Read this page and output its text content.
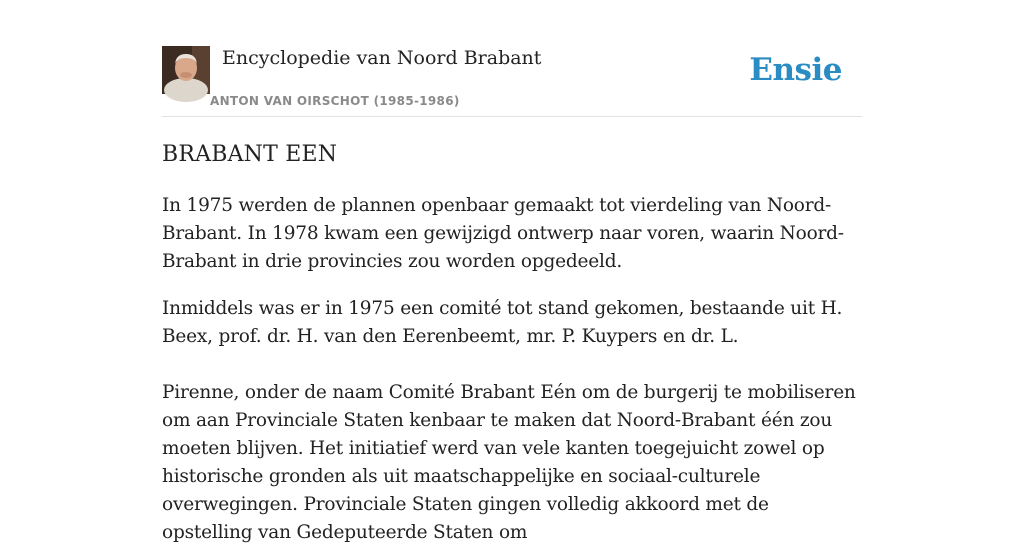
Encyclopedie van Noord Brabant
ANTON VAN OIRSCHOT (1985-1986)
Ensie
BRABANT EEN

In 1975 werden de plannen openbaar gemaakt tot vierdeling van Noord-Brabant. In 1978 kwam een gewijzigd ontwerp naar voren, waarin Noord-Brabant in drie provincies zou worden opgedeeld.

Inmiddels was er in 1975 een comité tot stand gekomen, bestaande uit H. Beex, prof. dr. H. van den Eerenbeemt, mr. P. Kuypers en dr. L.

Pirenne, onder de naam Comité Brabant Eén om de burgerij te mobiliseren om aan Provinciale Staten kenbaar te maken dat Noord-Brabant één zou moeten blijven. Het initiatief werd van vele kanten toegejuicht zowel op historische gronden als uit maatschappelijke en sociaal-culturele overwegingen. Provinciale Staten gingen volledig akkoord met de opstelling van Gedeputeerde Staten om
